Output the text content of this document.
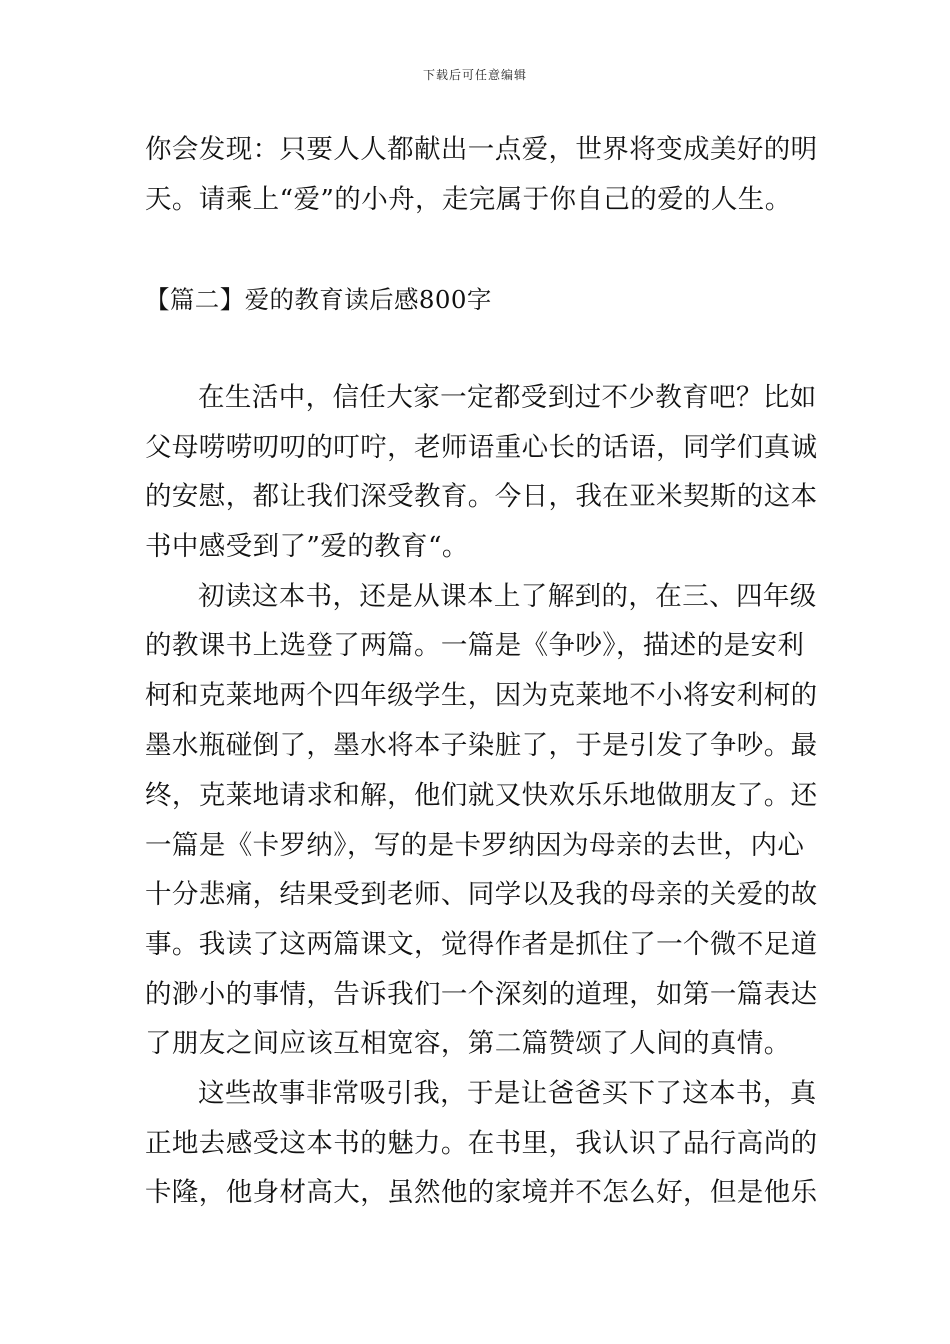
下载后可任意编辑
你会发现：只要人人都献出一点爱，世界将变成美好的明
天。请乘上“爱”的小舟，走完属于你自己的爱的人生。
【篇二】爱的教育读后感800字
在生活中，信任大家一定都受到过不少教育吧？比如
父母唠唠叨叨的叮咛，老师语重心长的话语，同学们真诚
的安慰，都让我们深受教育。今日，我在亚米契斯的这本
书中感受到了”爱的教育“。
初读这本书，还是从课本上了解到的，在三、四年级
的教课书上选登了两篇。一篇是《争吵》，描述的是安利
柯和克莱地两个四年级学生，因为克莱地不小将安利柯的
墨水瓶碰倒了，墨水将本子染脏了，于是引发了争吵。最
终，克莱地请求和解，他们就又快欢乐乐地做朋友了。还
一篇是《卡罗纳》，写的是卡罗纳因为母亲的去世，内心
十分悲痛，结果受到老师、同学以及我的母亲的关爱的故
事。我读了这两篇课文，觉得作者是抓住了一个微不足道
的渺小的事情，告诉我们一个深刻的道理，如第一篇表达
了朋友之间应该互相宽容，第二篇赞颂了人间的真情。
这些故事非常吸引我，于是让爸爸买下了这本书，真
正地去感受这本书的魅力。在书里，我认识了品行高尚的
卡隆，他身材高大，虽然他的家境并不怎么好，但是他乐
